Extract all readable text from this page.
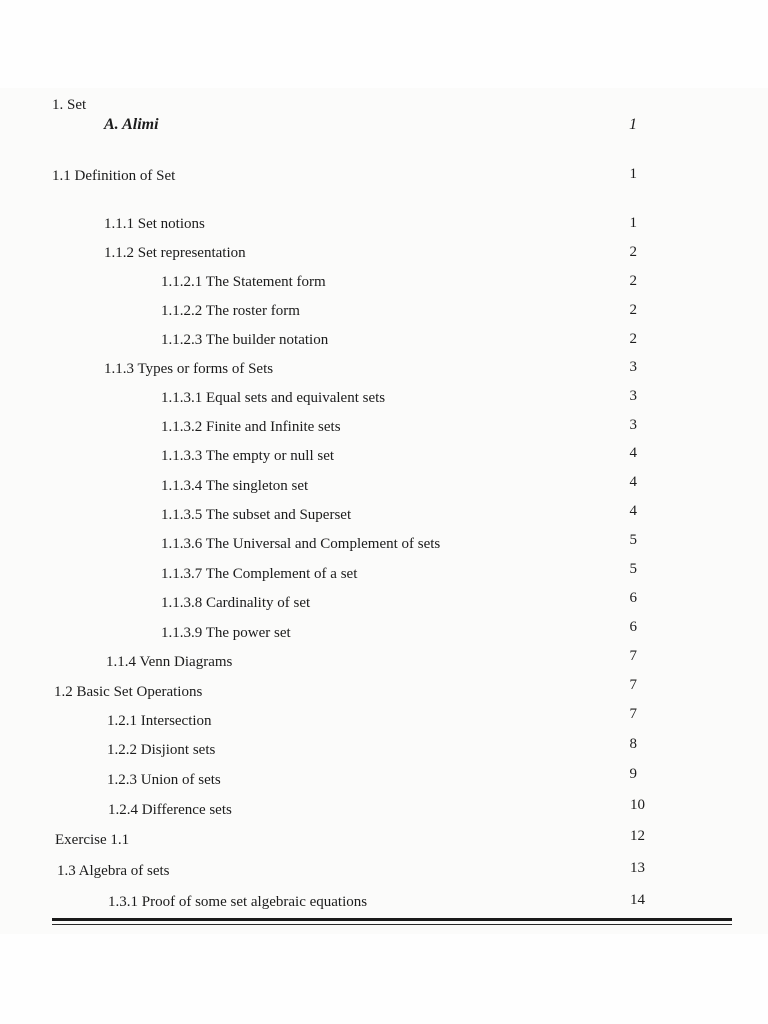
1. Set
A. Alimi	1
1.1 Definition of Set	1
1.1.1 Set notions	1
1.1.2 Set representation	2
1.1.2.1 The Statement form	2
1.1.2.2 The roster form	2
1.1.2.3 The builder notation	2
1.1.3 Types or forms of Sets	3
1.1.3.1 Equal sets and equivalent sets	3
1.1.3.2 Finite and Infinite sets	3
1.1.3.3 The empty or null set	4
1.1.3.4 The singleton set	4
1.1.3.5 The subset and Superset	4
1.1.3.6 The Universal and Complement of sets	5
1.1.3.7 The Complement of a set	5
1.1.3.8 Cardinality of set	6
1.1.3.9 The power set	6
1.1.4 Venn Diagrams	7
1.2 Basic Set Operations	7
1.2.1 Intersection	7
1.2.2 Disjiont sets	8
1.2.3 Union of sets	9
1.2.4 Difference sets	10
Exercise 1.1	12
1.3 Algebra of sets	13
1.3.1 Proof of some set algebraic equations	14
